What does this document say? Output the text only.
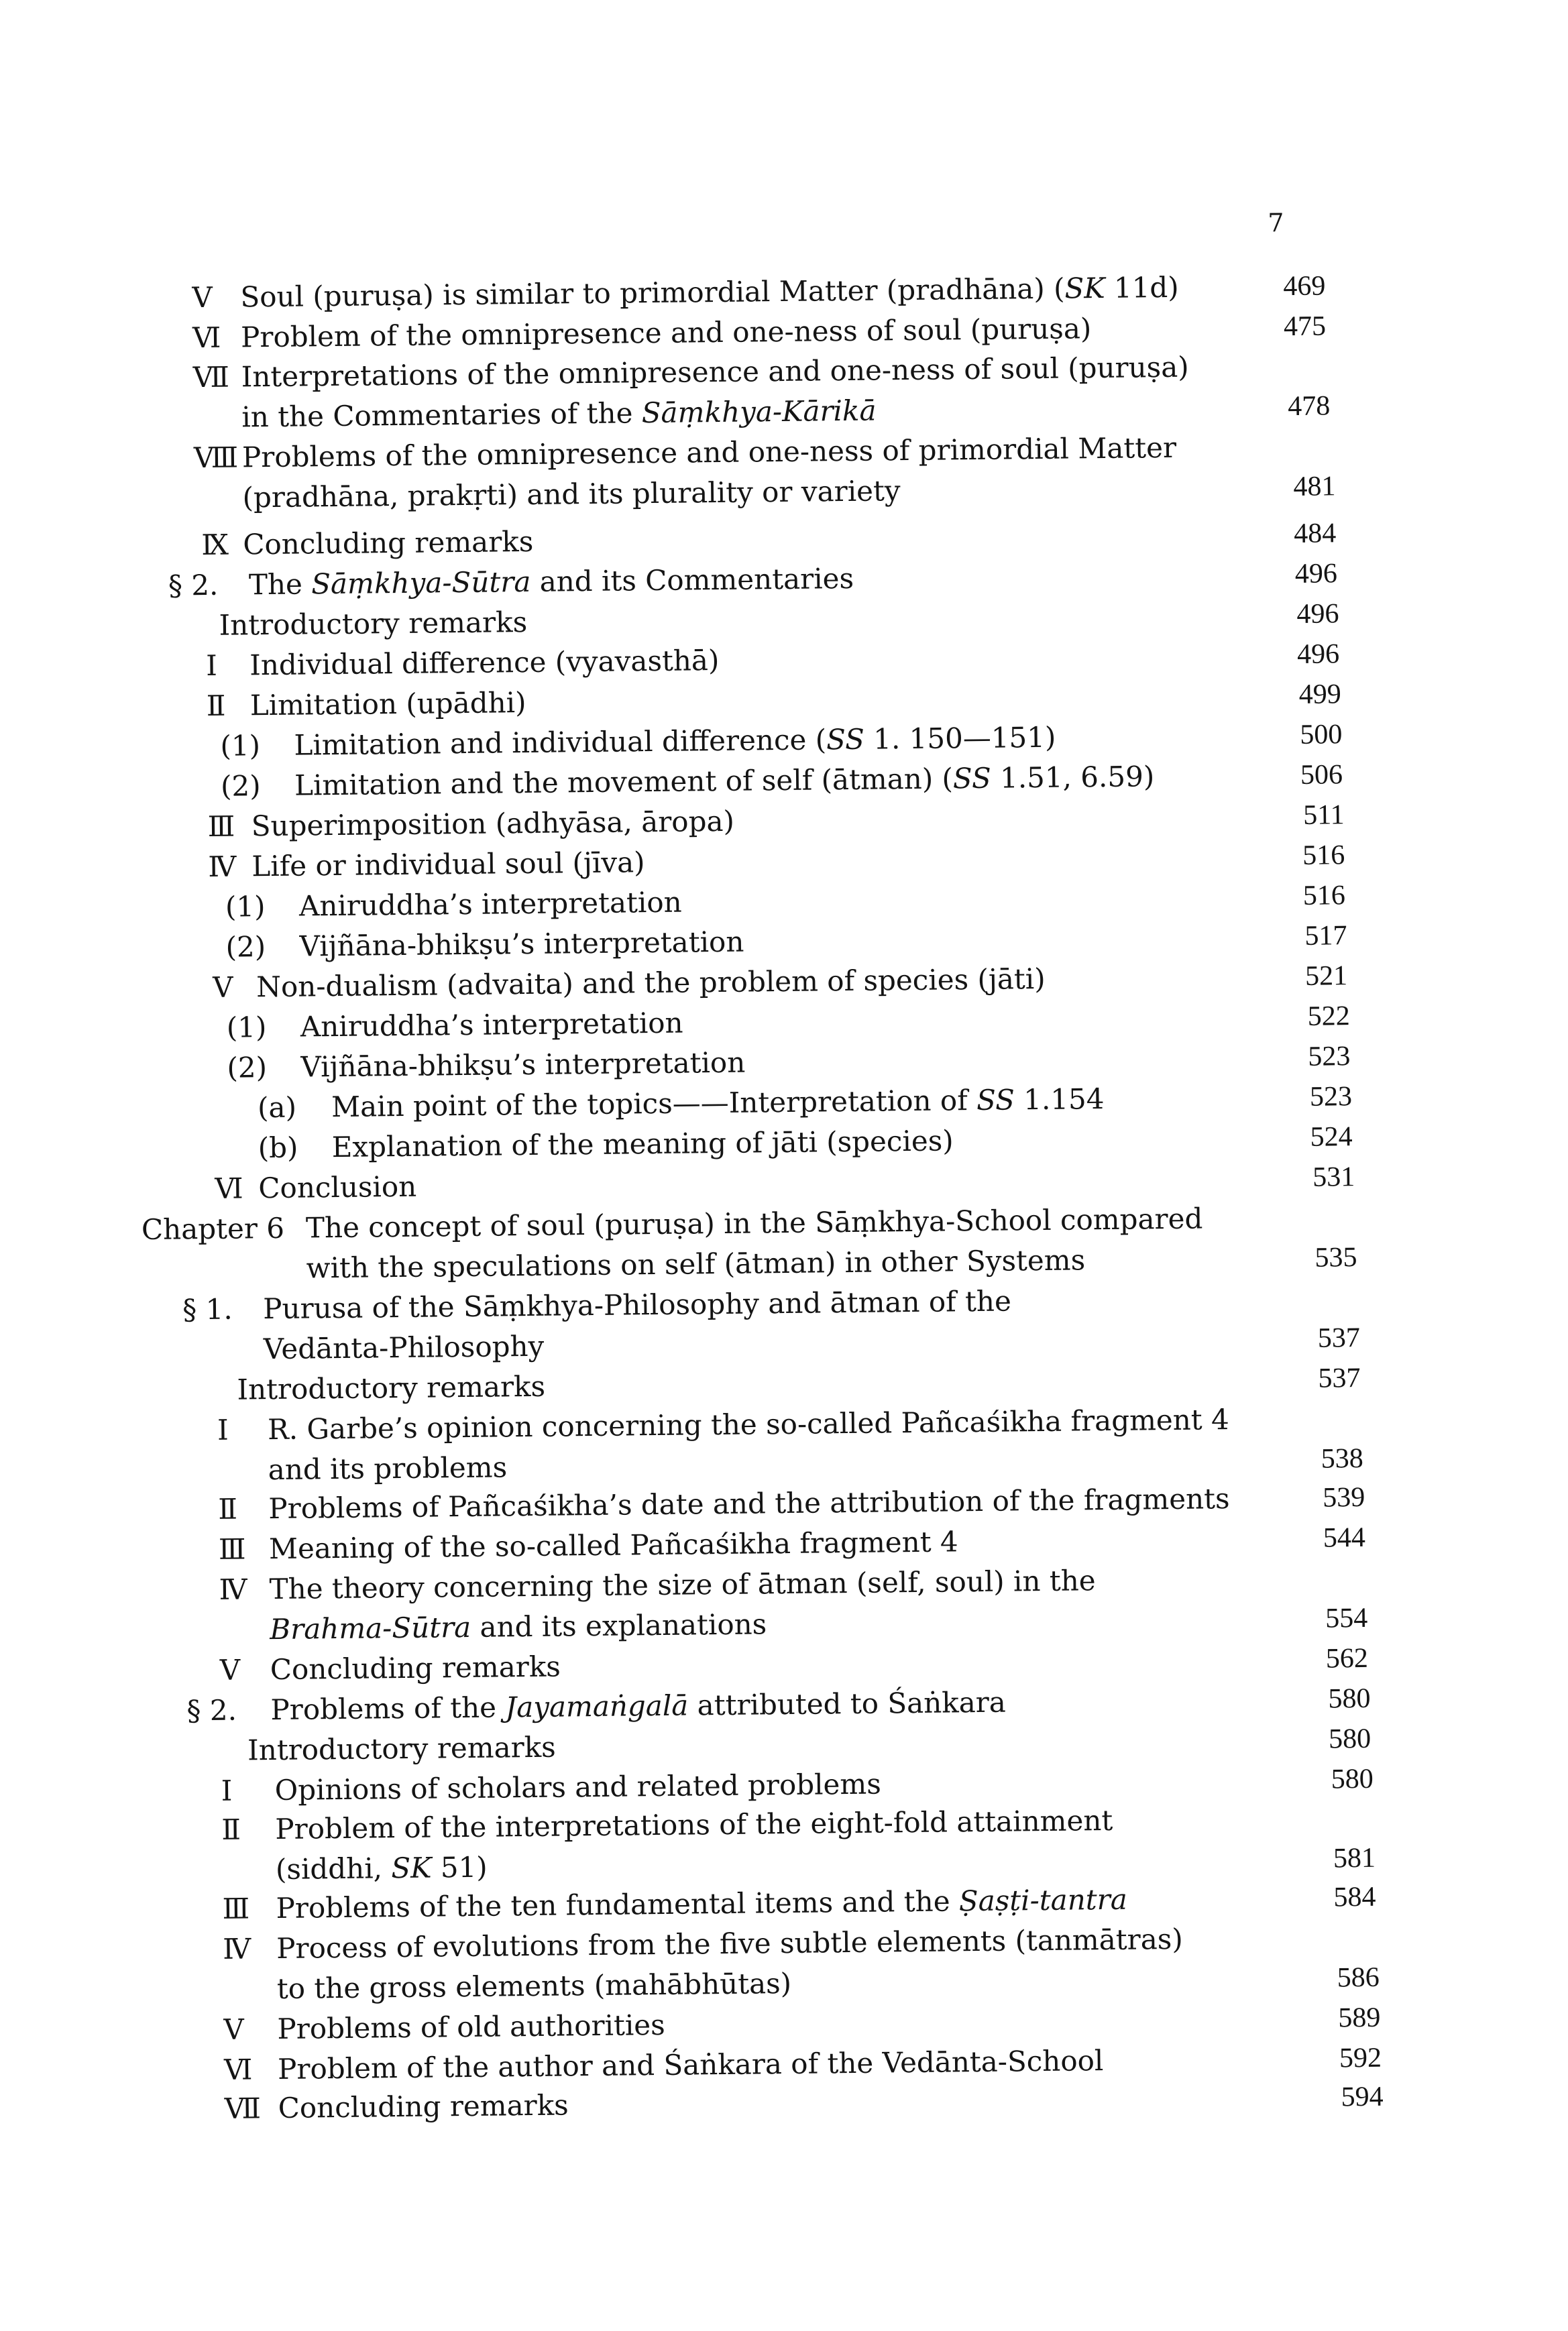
7
V Soul (puruṣa) is similar to primordial Matter (pradhāna) (SK 11d)	469
Ⅵ Problem of the omnipresence and one-ness of soul (puruṣa)	475
Ⅶ Interpretations of the omnipresence and one-ness of soul (puruṣa)
in the Commentaries of the Sāṃkhya-Kārikā	478
Ⅷ Problems of the omnipresence and one-ness of primordial Matter
(pradhāna, prakṛti) and its plurality or variety	481
Ⅸ Concluding remarks	484
§ 2. The Sāṃkhya-Sūtra and its Commentaries	496
Introductory remarks	496
I Individual difference (vyavasthā)	496
Ⅱ Limitation (upādhi)	499
(1) Limitation and individual difference (SS 1. 150—151)	500
(2) Limitation and the movement of self (ātman) (SS 1.51, 6.59)	506
Ⅲ Superimposition (adhyāsa, āropa)	511
Ⅳ Life or individual soul (jīva)	516
(1) Aniruddha’s interpretation	516
(2) Vijñāna-bhikṣu’s interpretation	517
V Non-dualism (advaita) and the problem of species (jāti)	521
(1) Aniruddha’s interpretation	522
(2) Vijñāna-bhikṣu’s interpretation	523
(a) Main point of the topics——Interpretation of SS 1.154	523
(b) Explanation of the meaning of jāti (species)	524
Ⅵ Conclusion	531
Chapter 6 The concept of soul (puruṣa) in the Sāṃkhya-School compared
with the speculations on self (ātman) in other Systems	535
§ 1. Purusa of the Sāṃkhya-Philosophy and ātman of the
Vedānta-Philosophy	537
Introductory remarks	537
I R. Garbe’s opinion concerning the so-called Pañcaśikha fragment 4
and its problems	538
Ⅱ Problems of Pañcaśikha’s date and the attribution of the fragments	539
Ⅲ Meaning of the so-called Pañcaśikha fragment 4	544
Ⅳ The theory concerning the size of ātman (self, soul) in the
Brahma-Sūtra and its explanations	554
V Concluding remarks	562
§ 2. Problems of the Jayamaṅgalā attributed to Śaṅkara	580
Introductory remarks	580
I Opinions of scholars and related problems	580
Ⅱ Problem of the interpretations of the eight-fold attainment
(siddhi, SK 51)	581
Ⅲ Problems of the ten fundamental items and the Ṣaṣṭi-tantra	584
Ⅳ Process of evolutions from the five subtle elements (tanmātras)
to the gross elements (mahābhūtas)	586
V Problems of old authorities	589
Ⅵ Problem of the author and Śaṅkara of the Vedānta-School	592
Ⅶ Concluding remarks	594
